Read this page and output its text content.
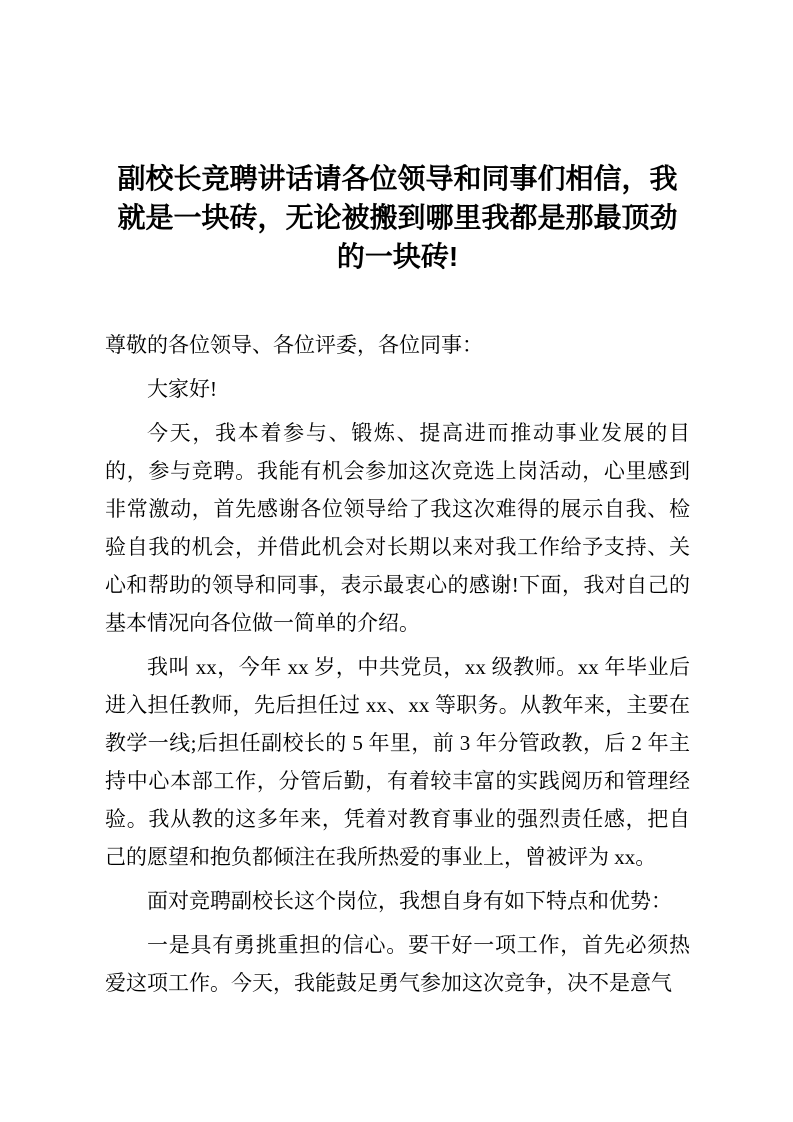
副校长竞聘讲话请各位领导和同事们相信，我就是一块砖，无论被搬到哪里我都是那最顶劲的一块砖!

尊敬的各位领导、各位评委，各位同事：

大家好!

今天，我本着参与、锻炼、提高进而推动事业发展的目的，参与竞聘。我能有机会参加这次竞选上岗活动，心里感到非常激动，首先感谢各位领导给了我这次难得的展示自我、检验自我的机会，并借此机会对长期以来对我工作给予支持、关心和帮助的领导和同事，表示最衷心的感谢!下面，我对自己的基本情况向各位做一简单的介绍。

我叫 xx，今年 xx 岁，中共党员，xx 级教师。xx 年毕业后进入担任教师，先后担任过 xx、xx 等职务。从教年来，主要在教学一线;后担任副校长的 5 年里，前 3 年分管政教，后 2 年主持中心本部工作，分管后勤，有着较丰富的实践阅历和管理经验。我从教的这多年来，凭着对教育事业的强烈责任感，把自己的愿望和抱负都倾注在我所热爱的事业上，曾被评为 xx。

面对竞聘副校长这个岗位，我想自身有如下特点和优势：

一是具有勇挑重担的信心。要干好一项工作，首先必须热爱这项工作。今天，我能鼓足勇气参加这次竞争，决不是意气
